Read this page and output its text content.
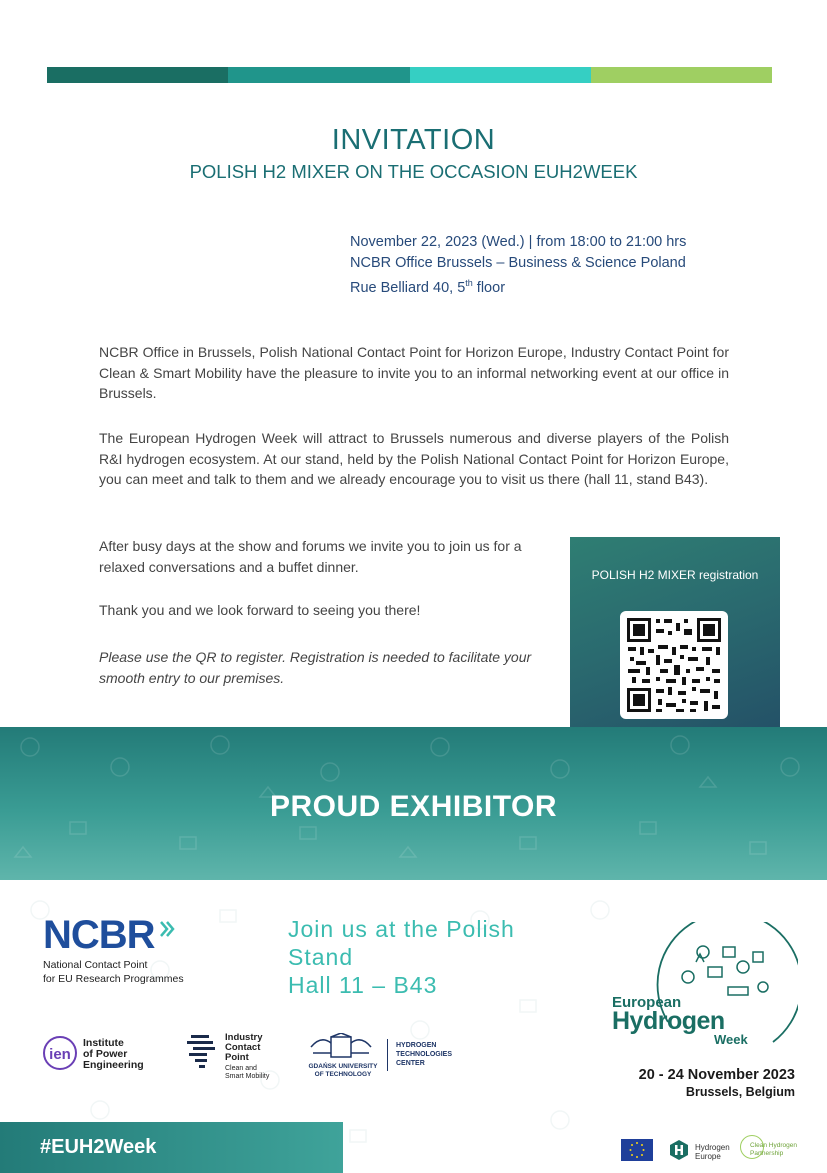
INVITATION
POLISH H2 MIXER ON THE OCCASION EUH2WEEK
November 22, 2023 (Wed.) | from 18:00 to 21:00 hrs
NCBR Office Brussels – Business & Science Poland
Rue Belliard 40, 5th floor
NCBR Office in Brussels, Polish National Contact Point for Horizon Europe, Industry Contact Point for Clean & Smart Mobility have the pleasure to invite you to an informal networking event at our office in Brussels.
The European Hydrogen Week will attract to Brussels numerous and diverse players of the Polish R&I hydrogen ecosystem. At our stand, held by the Polish National Contact Point for Horizon Europe, you can meet and talk to them and we already encourage you to visit us there (hall 11, stand B43).
After busy days at the show and forums we invite you to join us for a relaxed conversations and a buffet dinner.
Thank you and we look forward to seeing you there!
Please use the QR to register. Registration is needed to facilitate your smooth entry to our premises.
POLISH H2 MIXER registration
PROUD EXHIBITOR
NCBR
National Contact Point
for EU Research Programmes
Join us at the Polish
Stand
Hall 11 – B43
ien
Institute
of Power
Engineering
Industry
Contact
Point
Clean and
Smart Mobility
GDAŃSK UNIVERSITY
OF TECHNOLOGY
HYDROGEN
TECHNOLOGIES
CENTER
European
Hydrogen
Week
20 - 24 November 2023
Brussels, Belgium
#EUH2Week	Hydrogen
Europe
Clean Hydrogen
Partnership
